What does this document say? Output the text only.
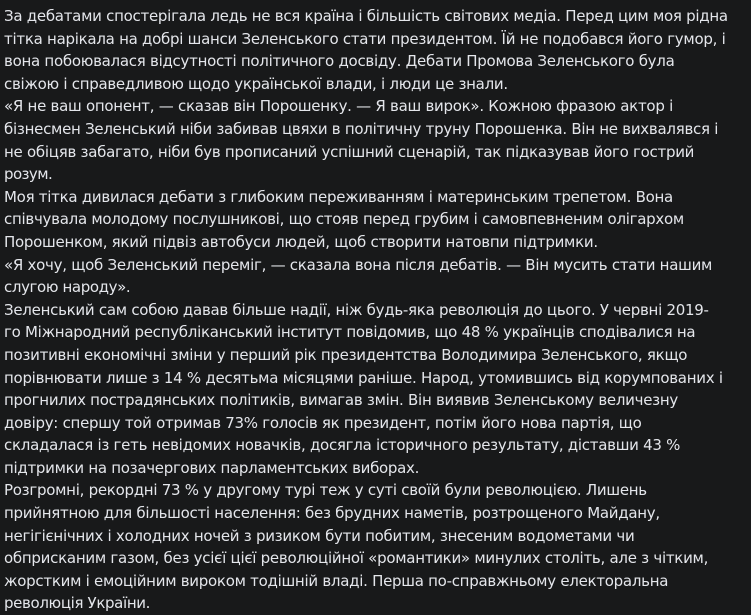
За дебатами спостерігала ледь не вся країна і більшість світових медіа. Перед цим моя рідна
тітка нарікала на добрі шанси Зеленського стати президентом. Їй не подобався його гумор, і
вона побоювалася відсутності політичного досвіду. Дебати Промова Зеленського була
свіжою і справедливою щодо української влади, і люди це знали.
«Я не ваш опонент, — сказав він Порошенку. — Я ваш вирок». Кожною фразою актор і
бізнесмен Зеленський ніби забивав цвяхи в політичну труну Порошенка. Він не вихвалявся і
не обіцяв забагато, ніби був прописаний успішний сценарій, так підказував його гострий
розум.
Моя тітка дивилася дебати з глибоким переживанням і материнським трепетом. Вона
співчувала молодому послушникові, що стояв перед грубим і самовпевненим олігархом
Порошенком, який підвіз автобуси людей, щоб створити натовпи підтримки.
«Я хочу, щоб Зеленський переміг, — сказала вона після дебатів. — Він мусить стати нашим
слугою народу».
Зеленський сам собою давав більше надії, ніж будь-яка революція до цього. У червні 2019-
го Міжнародний республіканський інститут повідомив, що 48 % українців сподівалися на
позитивні економічні зміни у перший рік президентства Володимира Зеленського, якщо
порівнювати лише з 14 % десятьма місяцями раніше. Народ, утомившись від корумпованих і
прогнилих пострадянських політиків, вимагав змін. Він виявив Зеленському величезну
довіру: спершу той отримав 73% голосів як президент, потім його нова партія, що
складалася із геть невідомих новачків, досягла історичного результату, діставши 43 %
підтримки на позачергових парламентських виборах.
Розгромні, рекордні 73 % у другому турі теж у суті своїй були революцією. Лишень
прийнятною для більшості населення: без брудних наметів, розтрощеного Майдану,
негігієнічних і холодних ночей з ризиком бути побитим, знесеним водометами чи
обприсканим газом, без усієї цієї революційної «романтики» минулих століть, але з чітким,
жорстким і емоційним вироком тодішній владі. Перша по-справжньому електоральна
революція України.
